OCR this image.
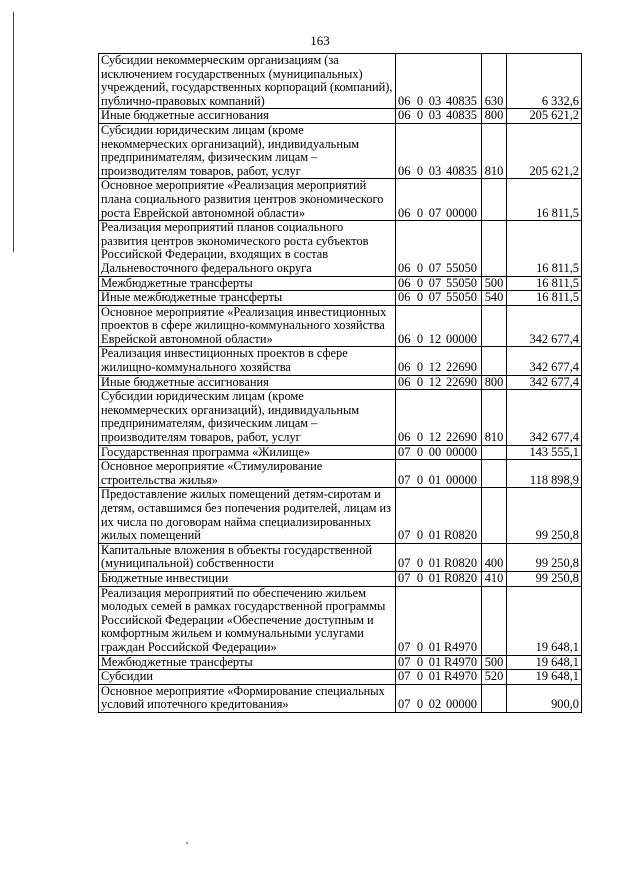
163
Субсидии некоммерческим организациям (за исключением государственных (муниципальных) учреждений, государственных корпораций (компаний), публично-правовых компаний)	06 0 03 40835	630	6 332,6
Иные бюджетные ассигнования	06 0 03 40835	800	205 621,2
Субсидии юридическим лицам (кроме некоммерческих организаций), индивидуальным предпринимателям, физическим лицам – производителям товаров, работ, услуг	06 0 03 40835	810	205 621,2
Основное мероприятие «Реализация мероприятий плана социального развития центров экономического роста Еврейской автономной области»	06 0 07 00000		16 811,5
Реализация мероприятий планов социального развития центров экономического роста субъектов Российской Федерации, входящих в состав Дальневосточного федерального округа	06 0 07 55050		16 811,5
Межбюджетные трансферты	06 0 07 55050	500	16 811,5
Иные межбюджетные трансферты	06 0 07 55050	540	16 811,5
Основное мероприятие «Реализация инвестиционных проектов в сфере жилищно-коммунального хозяйства Еврейской автономной области»	06 0 12 00000		342 677,4
Реализация инвестиционных проектов в сфере жилищно-коммунального хозяйства	06 0 12 22690		342 677,4
Иные бюджетные ассигнования	06 0 12 22690	800	342 677,4
Субсидии юридическим лицам (кроме некоммерческих организаций), индивидуальным предпринимателям, физическим лицам – производителям товаров, работ, услуг	06 0 12 22690	810	342 677,4
Государственная программа «Жилище»	07 0 00 00000		143 555,1
Основное мероприятие «Стимулирование строительства жилья»	07 0 01 00000		118 898,9
Предоставление жилых помещений детям-сиротам и детям, оставшимся без попечения родителей, лицам из их числа по договорам найма специализированных жилых помещений	07 0 01 R0820		99 250,8
Капитальные вложения в объекты государственной (муниципальной) собственности	07 0 01 R0820	400	99 250,8
Бюджетные инвестиции	07 0 01 R0820	410	99 250,8
Реализация мероприятий по обеспечению жильем молодых семей в рамках государственной программы Российской Федерации «Обеспечение доступным и комфортным жильем и коммунальными услугами граждан Российской Федерации»	07 0 01 R4970		19 648,1
Межбюджетные трансферты	07 0 01 R4970	500	19 648,1
Субсидии	07 0 01 R4970	520	19 648,1
Основное мероприятие «Формирование специальных условий ипотечного кредитования»	07 0 02 00000		900,0
